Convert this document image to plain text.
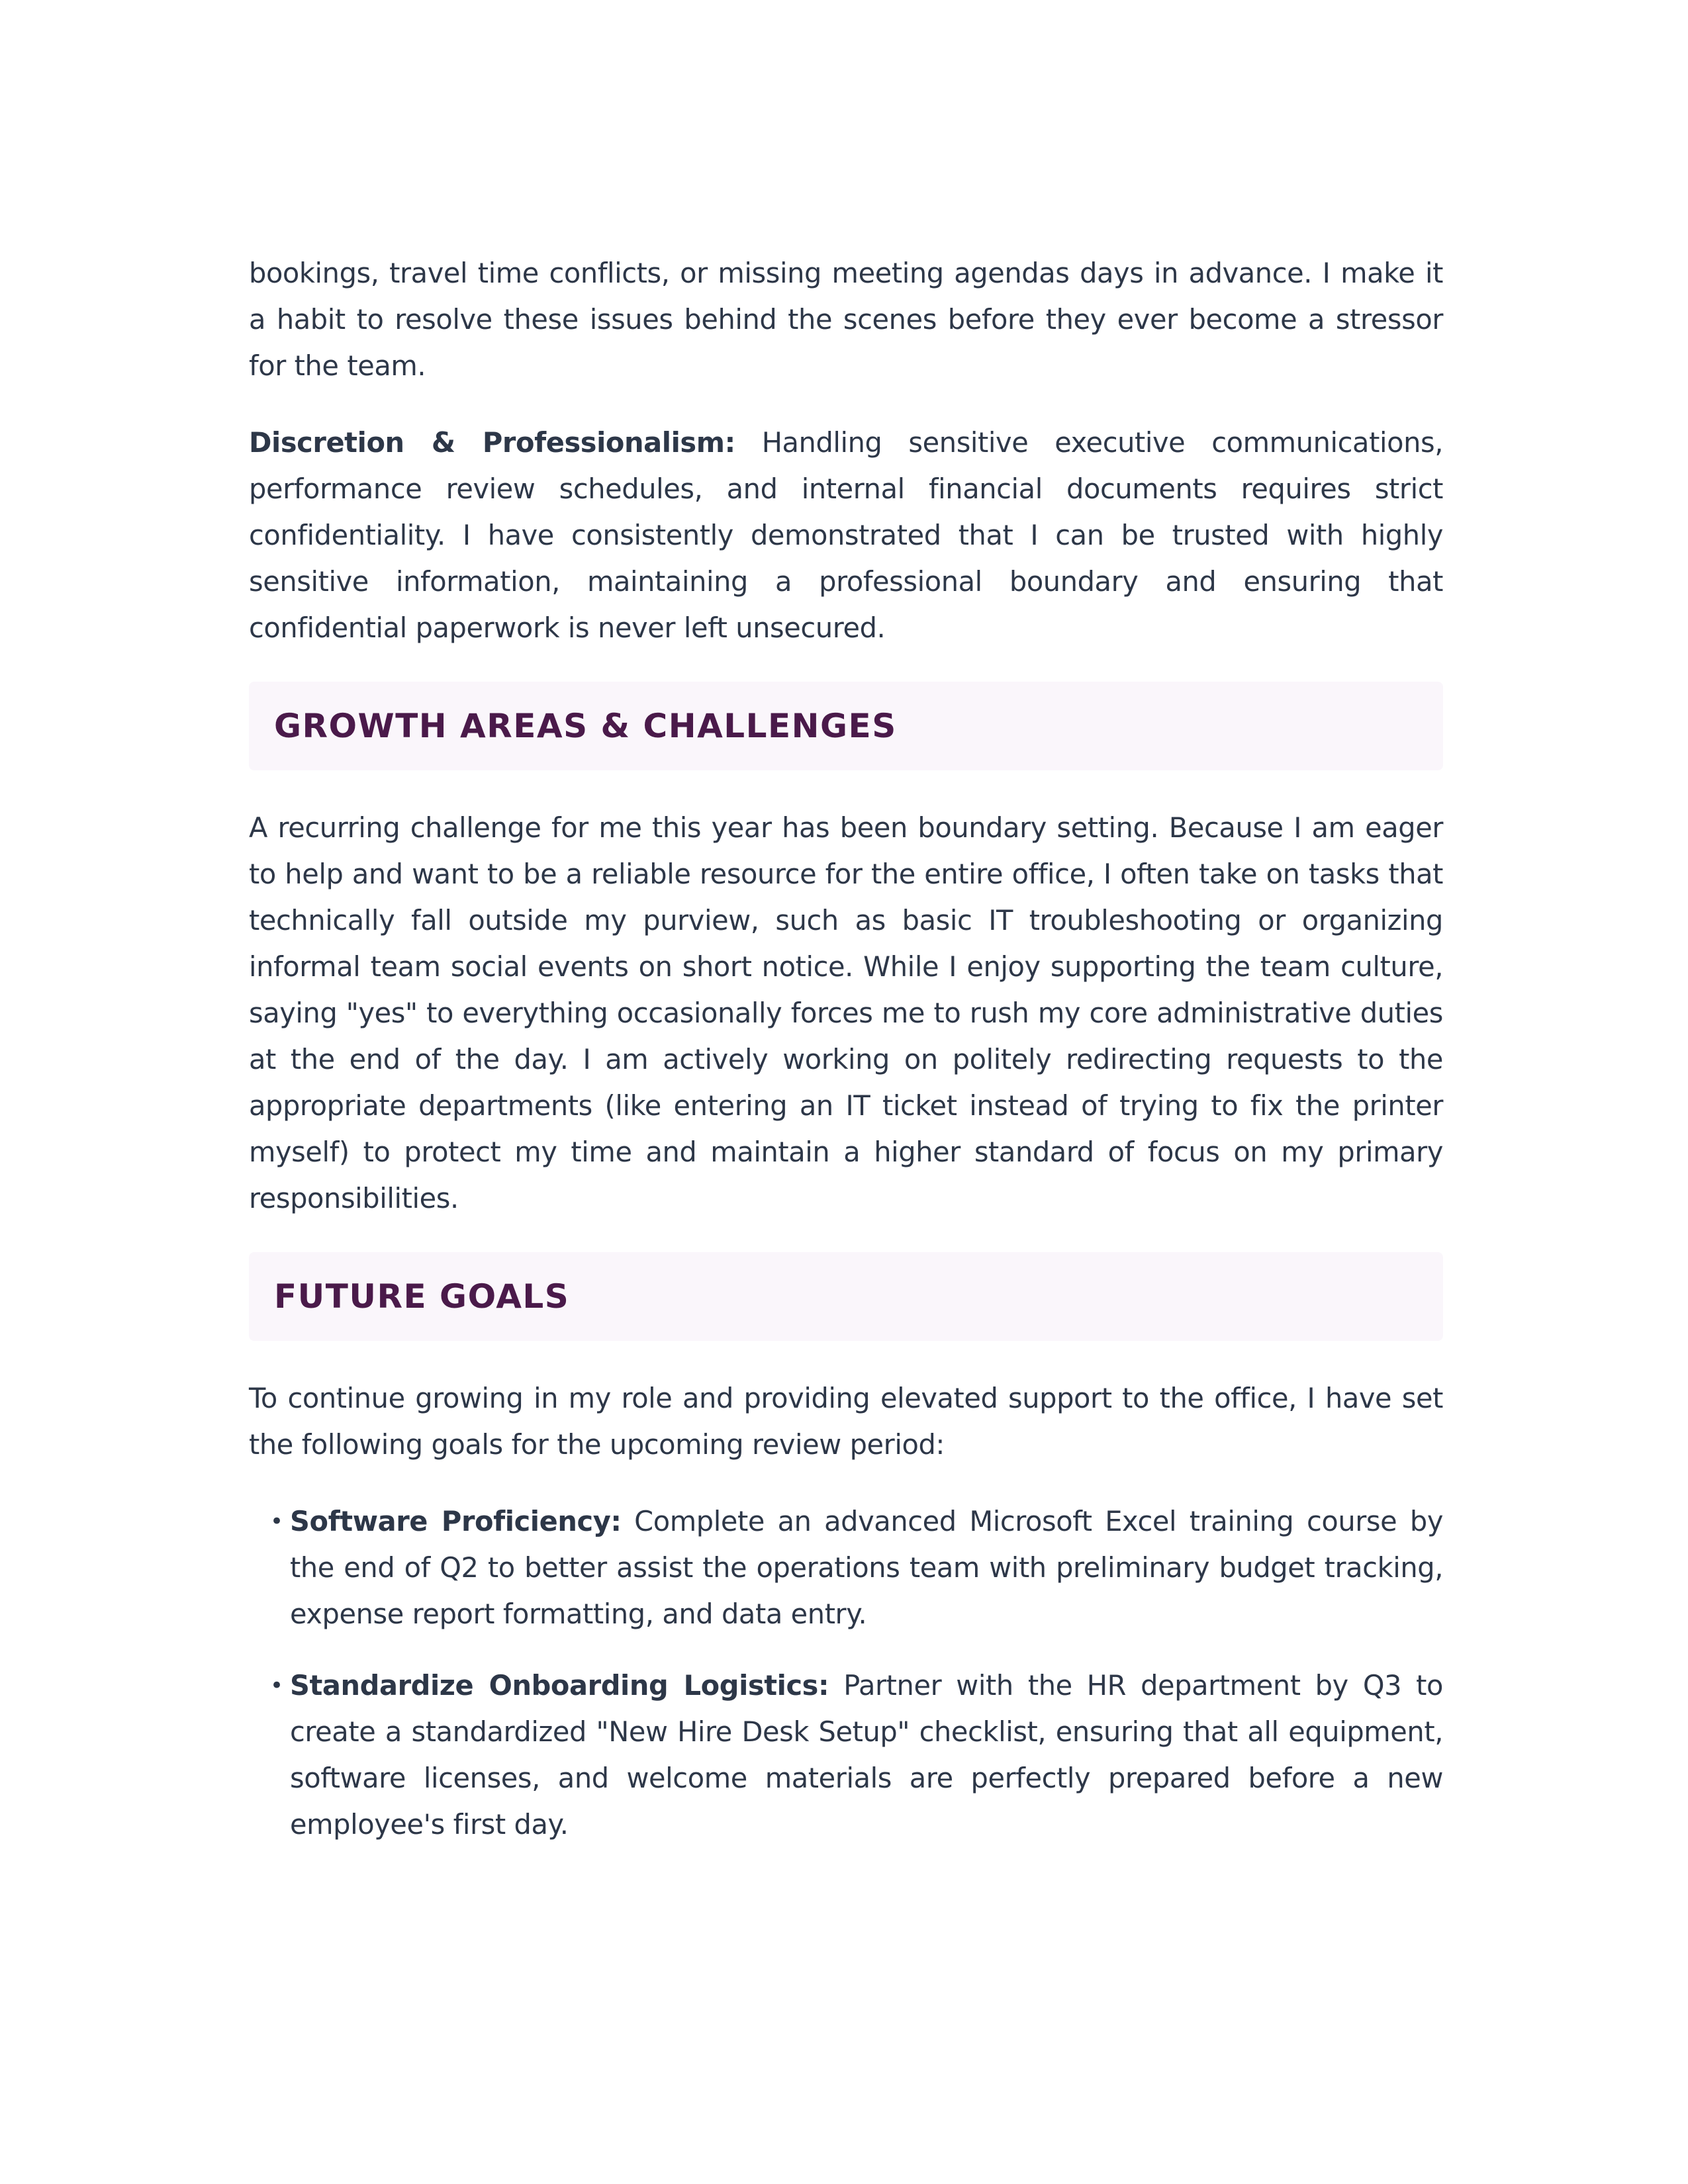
bookings, travel time conflicts, or missing meeting agendas days in advance. I make it a habit to resolve these issues behind the scenes before they ever become a stressor for the team.

Discretion & Professionalism: Handling sensitive executive communications, performance review schedules, and internal financial documents requires strict confidentiality. I have consistently demonstrated that I can be trusted with highly sensitive information, maintaining a professional boundary and ensuring that confidential paperwork is never left unsecured.

GROWTH AREAS & CHALLENGES

A recurring challenge for me this year has been boundary setting. Because I am eager to help and want to be a reliable resource for the entire office, I often take on tasks that technically fall outside my purview, such as basic IT troubleshooting or organizing informal team social events on short notice. While I enjoy supporting the team culture, saying "yes" to everything occasionally forces me to rush my core administrative duties at the end of the day. I am actively working on politely redirecting requests to the appropriate departments (like entering an IT ticket instead of trying to fix the printer myself) to protect my time and maintain a higher standard of focus on my primary responsibilities.

FUTURE GOALS

To continue growing in my role and providing elevated support to the office, I have set the following goals for the upcoming review period:

• Software Proficiency: Complete an advanced Microsoft Excel training course by the end of Q2 to better assist the operations team with preliminary budget tracking, expense report formatting, and data entry.
• Standardize Onboarding Logistics: Partner with the HR department by Q3 to create a standardized "New Hire Desk Setup" checklist, ensuring that all equipment, software licenses, and welcome materials are perfectly prepared before a new employee's first day.
